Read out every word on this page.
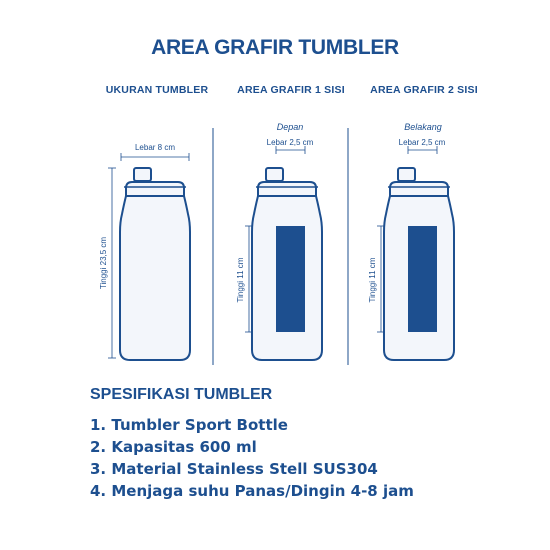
AREA GRAFIR TUMBLER
UKURAN TUMBLER	AREA GRAFIR 1 SISI	AREA GRAFIR 2 SISI
Depan	Belakang
Lebar 8 cm
Tinggi 23,5 cm
Lebar 2,5 cm
Tinggi 11 cm
Lebar 2,5 cm
Tinggi 11 cm
SPESIFIKASI TUMBLER
1. Tumbler Sport Bottle
2. Kapasitas 600 ml
3. Material Stainless Stell SUS304
4. Menjaga suhu Panas/Dingin 4-8 jam
